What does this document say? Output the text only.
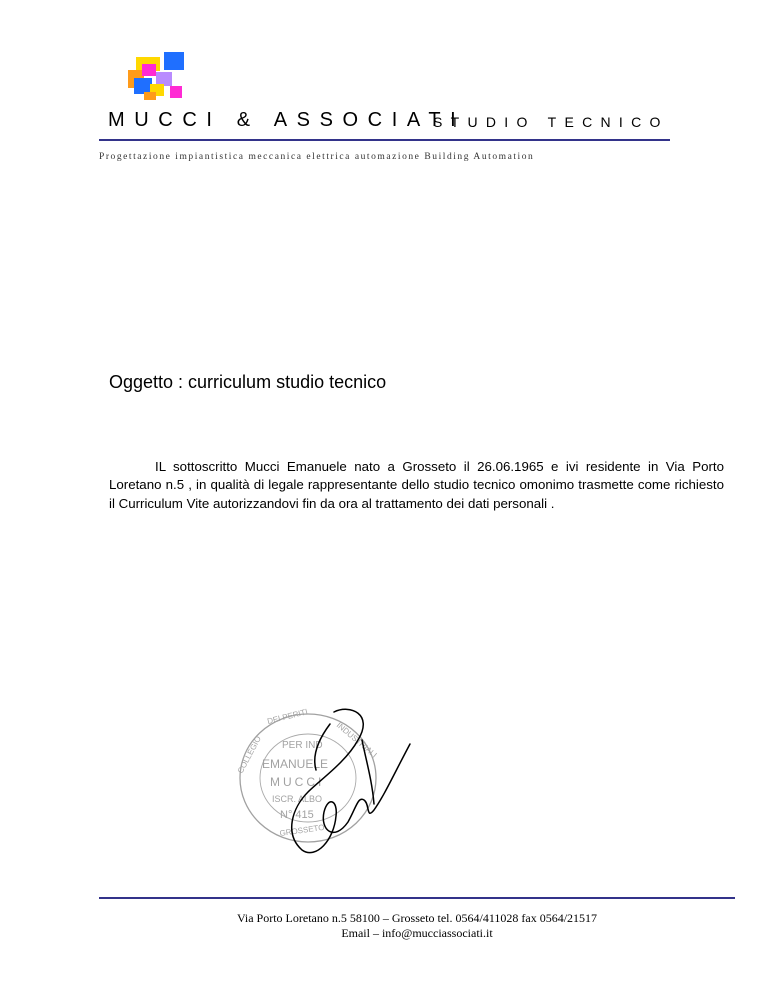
MUCCI & ASSOCIATI
STUDIO TECNICO
Progettazione impiantistica meccanica elettrica automazione Building Automation
Oggetto : curriculum studio tecnico
IL sottoscritto Mucci Emanuele nato a Grosseto il 26.06.1965 e ivi residente in Via Porto Loretano n.5 , in qualità di legale rappresentante dello studio tecnico omonimo trasmette come richiesto il Curriculum Vite autorizzandovi fin da ora al trattamento dei dati personali .
PER IND
EMANUELE
MUCCI
ISCR. ALBO
N° 415
COLLEGIO
DEI PERITI
INDUSTRIALI
GROSSETO
Via Porto Loretano n.5 58100 – Grosseto tel. 0564/411028 fax 0564/21517
Email – info@mucciassociati.it
